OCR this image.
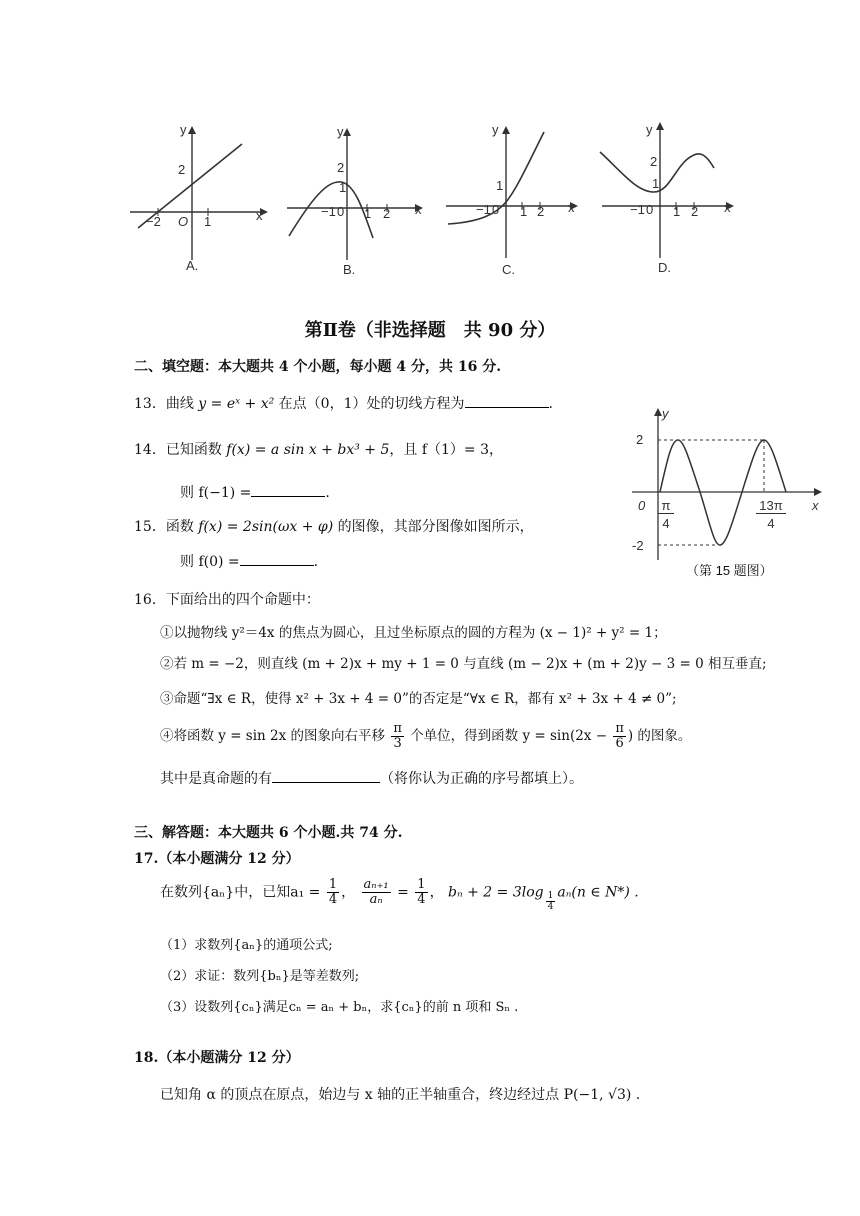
y
x
−2 O 1
2
A.
y
x
−1 0 1 2
2
1
B.
y
x
−1 0 1 2
1
C.
y
x
−1 0 1 2
2
1
D.
第Ⅱ卷（非选择题　共 90 分）
二、填空题：本大题共 4 个小题，每小题 4 分，共 16 分.
13．曲线 y = eˣ + x² 在点（0，1）处的切线方程为	.
14．已知函数 f(x) = a sin x + bx³ + 5，且 f（1）= 3，
则 f(−1) =	.
15．函数 f(x) = 2sin(ωx + φ) 的图像，其部分图像如图所示，
则 f(0) =	.
y
x
2
-2
0 π
4
13π
4
（第 15 题图）
16．下面给出的四个命题中：
①以抛物线 y²＝4x 的焦点为圆心，且过坐标原点的圆的方程为 (x − 1)² + y² = 1；
②若 m = −2，则直线 (m + 2)x + my + 1 = 0 与直线 (m − 2)x + (m + 2)y − 3 = 0 相互垂直;
③命题“∃x ∈ R，使得 x² + 3x + 4 = 0”的否定是“∀x ∈ R，都有 x² + 3x + 4 ≠ 0”;
④将函数 y = sin 2x 的图象向右平移 $\frac{\pi}{3}$ 个单位，得到函数 $y = \sin(2x - \frac{\pi}{6}$ ) 的图象。
其中是真命题的有	（将你认为正确的序号都填上）。
三、解答题：本大题共 6 个小题.共 74 分.
17.（本小题满分 12 分）
在数列{aₙ}中，已知$a_1 = \frac{1}{4}$ ， $\frac{\text{aₙ₊₁}}{\text{aₙ}} = \frac{1}{4}$ ， $b_n + 2 = 3\log \frac{1}{4} a_n(n$ ∈ N*) .
（1）求数列{aₙ}的通项公式;
（2）求证：数列{bₙ}是等差数列;
（3）设数列{cₙ}满足cₙ = aₙ + bₙ，求{cₙ}的前 n 项和 Sₙ .
18.（本小题满分 12 分）
已知角 α 的顶点在原点，始边与 x 轴的正半轴重合，终边经过点 P(−1, √3) .
